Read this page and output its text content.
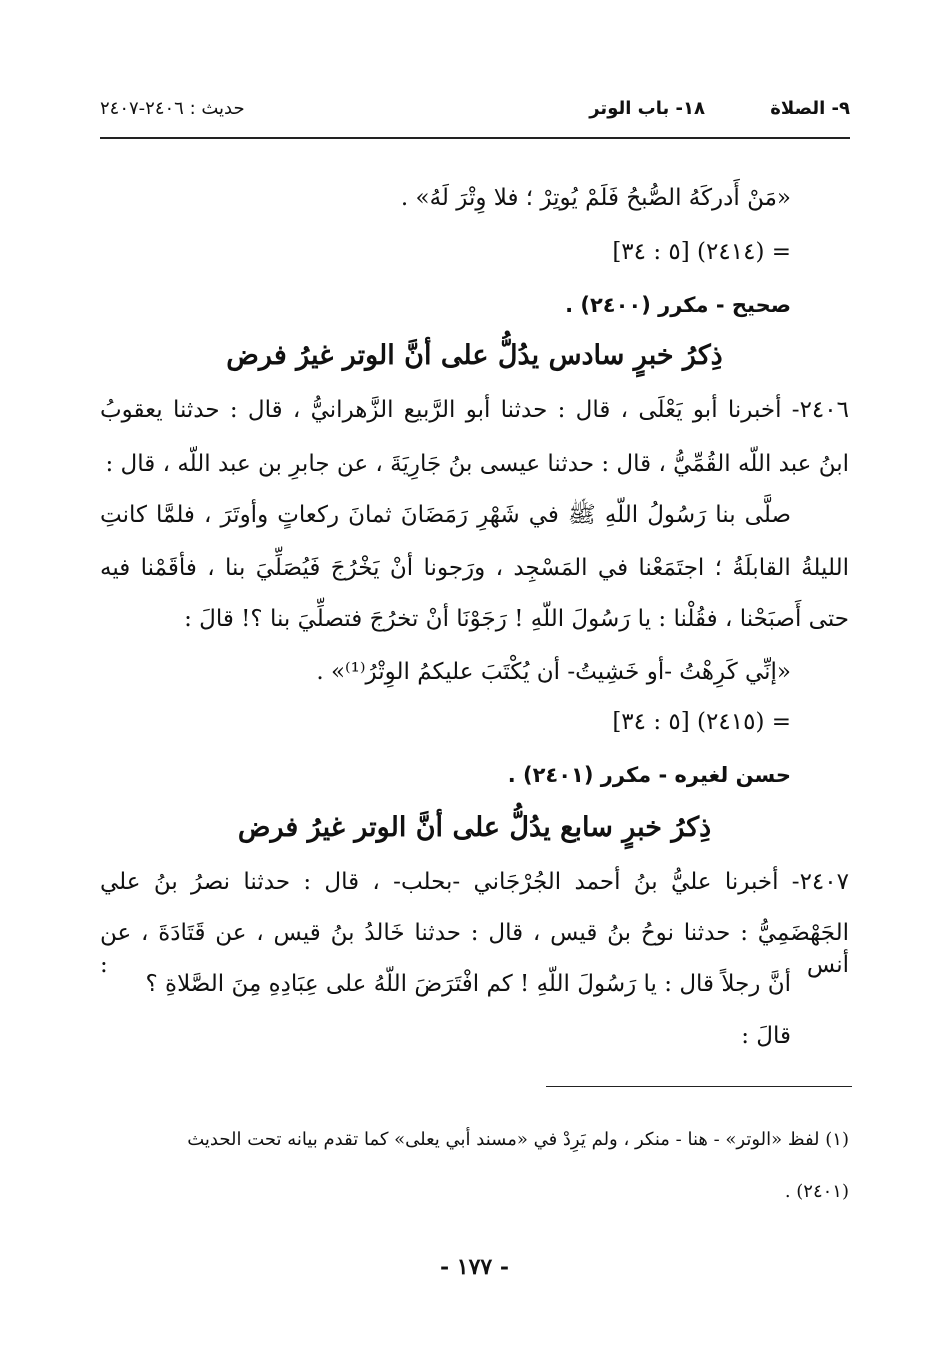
٩- الصلاة
١٨- باب الوتر
حديث : ٢٤٠٦-٢٤٠٧
«مَنْ أَدركَهُ الصُّبحُ فَلَمْ يُوتِرْ ؛ فلا وِتْرَ لَهُ» .
= (٢٤١٤) [٥ : ٣٤]
صحيح - مكرر (٢٤٠٠) .
ذِكرُ خبرٍ سادس يدُلُّ على أنَّ الوتر غيرُ فرض
٢٤٠٦- أخبرنا أبو يَعْلَى ، قال : حدثنا أبو الرَّبيع الزَّهرانيُّ ، قال : حدثنا يعقوبُ
ابنُ عبد اللّه القُمِّيُّ ، قال : حدثنا عيسى بنُ جَارِيَةَ ، عن جابرِ بن عبد اللّه ، قال :
صلَّى بنا رَسُولُ اللّهِ ﷺ في شَهْرِ رَمَضَانَ ثمانَ ركعاتٍ وأوتَرَ ، فلمَّا كانتِ
الليلةُ القابلَةُ ؛ اجتَمَعْنا في المَسْجِد ، ورَجونا أنْ يَخْرُجَ فَيُصَلِّيَ بنا ، فأقَمْنا فيه
حتى أَصبَحْنا ، فقُلْنا : يا رَسُولَ اللّهِ ! رَجَوْنَا أنْ تخرُجَ فتصلِّيَ بنا ؟! قالَ :
«إنِّي كَرِهْتُ -أو خَشِيتُ- أن يُكْتَبَ عليكمُ الوِتْرُ⁽¹⁾» .
= (٢٤١٥) [٥ : ٣٤]
حسن لغيره - مكرر (٢٤٠١) .
ذِكرُ خبرٍ سابع يدُلُّ على أنَّ الوتر غيرُ فرض
٢٤٠٧- أخبرنا عليُّ بنُ أحمد الجُرْجَاني -بحلب- ، قال : حدثنا نصرُ بنُ علي
الجَهْضَمِيُّ : حدثنا نوحُ بنُ قيس ، قال : حدثنا خَالدُ بنُ قيس ، عن قَتَادَةَ ، عن أنس :
أنَّ رجلاً قال : يا رَسُولَ اللّهِ ! كم افْتَرَضَ اللّهُ على عِبَادِهِ مِنَ الصَّلاةِ ؟
قالَ :
(١) لفظ «الوتر» - هنا - منكر ، ولم يَرِدْ في «مسند أبي يعلى» كما تقدم بيانه تحت الحديث
(٢٤٠١) .
- ١٧٧ -
